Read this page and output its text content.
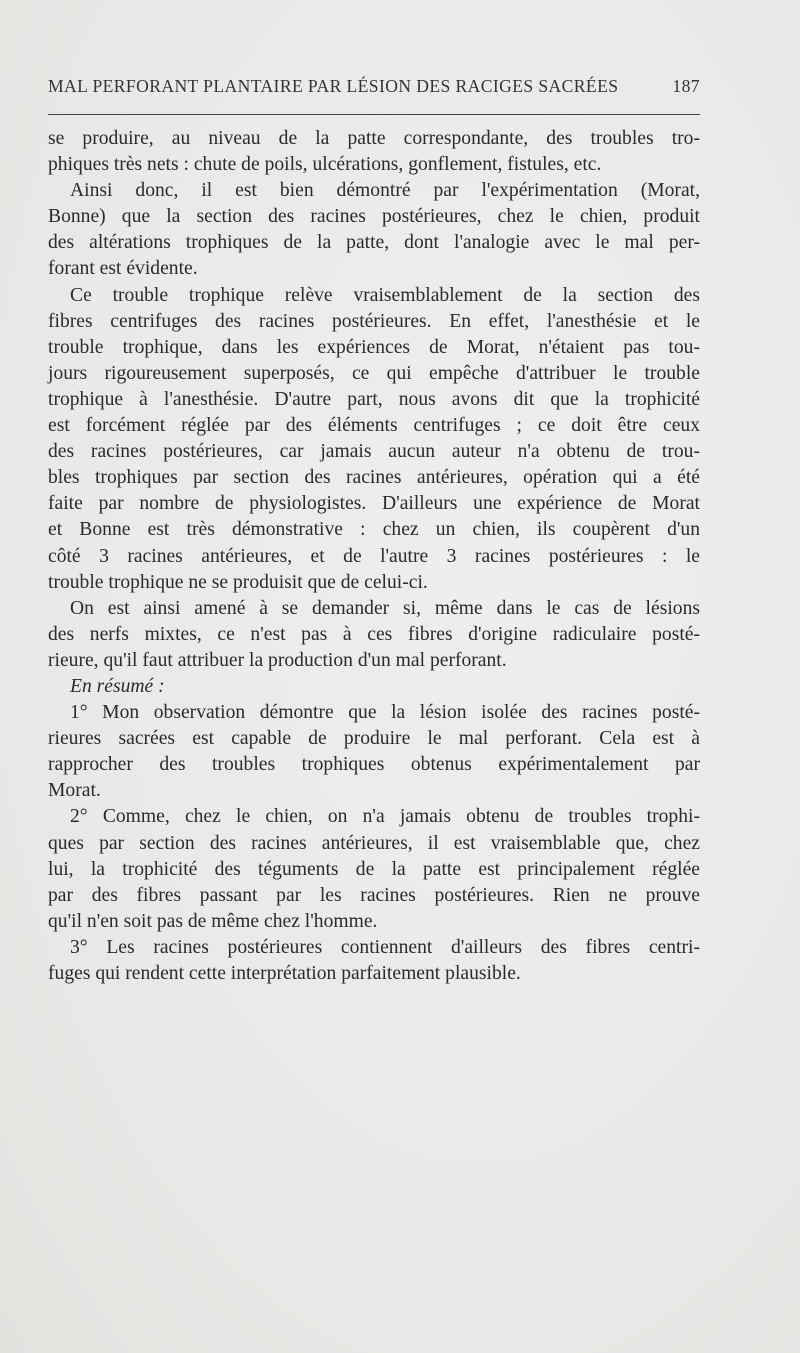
MAL PERFORANT PLANTAIRE PAR LÉSION DES RACIGES SACRÉES	187
se produire, au niveau de la patte correspondante, des troubles tro-
phiques très nets : chute de poils, ulcérations, gonflement, fistules, etc.
Ainsi donc, il est bien démontré par l'expérimentation (Morat,
Bonne) que la section des racines postérieures, chez le chien, produit
des altérations trophiques de la patte, dont l'analogie avec le mal per-
forant est évidente.
Ce trouble trophique relève vraisemblablement de la section des
fibres centrifuges des racines postérieures. En effet, l'anesthésie et le
trouble trophique, dans les expériences de Morat, n'étaient pas tou-
jours rigoureusement superposés, ce qui empêche d'attribuer le trouble
trophique à l'anesthésie. D'autre part, nous avons dit que la trophicité
est forcément réglée par des éléments centrifuges ; ce doit être ceux
des racines postérieures, car jamais aucun auteur n'a obtenu de trou-
bles trophiques par section des racines antérieures, opération qui a été
faite par nombre de physiologistes. D'ailleurs une expérience de Morat
et Bonne est très démonstrative : chez un chien, ils coupèrent d'un
côté 3 racines antérieures, et de l'autre 3 racines postérieures : le
trouble trophique ne se produisit que de celui-ci.
On est ainsi amené à se demander si, même dans le cas de lésions
des nerfs mixtes, ce n'est pas à ces fibres d'origine radiculaire posté-
rieure, qu'il faut attribuer la production d'un mal perforant.
En résumé :
1° Mon observation démontre que la lésion isolée des racines posté-
rieures sacrées est capable de produire le mal perforant. Cela est à
rapprocher des troubles trophiques obtenus expérimentalement par
Morat.
2° Comme, chez le chien, on n'a jamais obtenu de troubles trophi-
ques par section des racines antérieures, il est vraisemblable que, chez
lui, la trophicité des téguments de la patte est principalement réglée
par des fibres passant par les racines postérieures. Rien ne prouve
qu'il n'en soit pas de même chez l'homme.
3° Les racines postérieures contiennent d'ailleurs des fibres centri-
fuges qui rendent cette interprétation parfaitement plausible.
